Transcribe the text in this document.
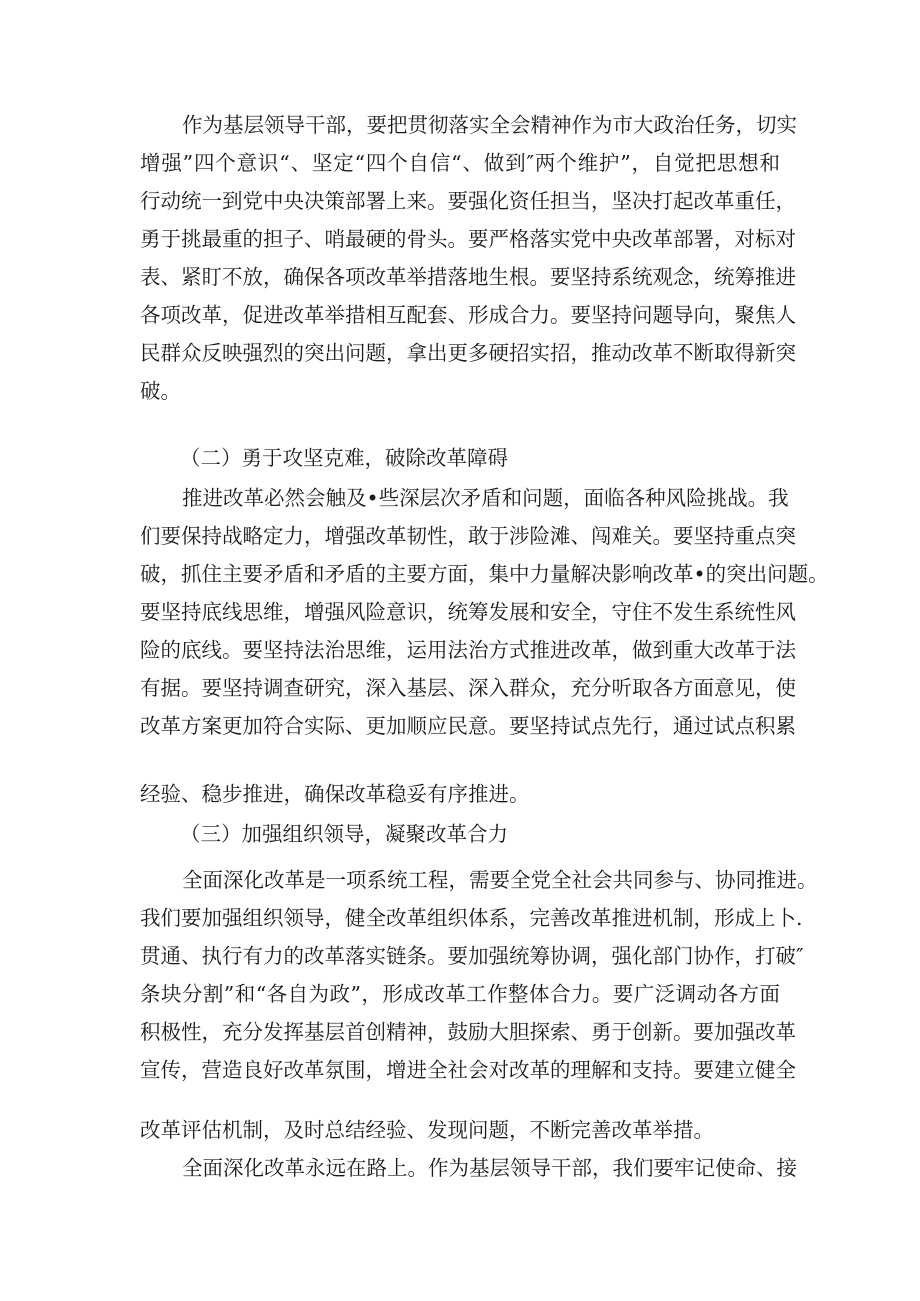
作为基层领导干部，要把贯彻落实全会精神作为市大政治任务，切实
增强”四个意识“、坚定“四个自信“、做到″两个维护”，自觉把思想和
行动统一到党中央决策部署上来。要强化资任担当，坚决打起改革重任，
勇于挑最重的担子、哨最硬的骨头。要严格落实党中央改革部署，对标对
表、紧盯不放，确保各项改革举措落地生根。要坚持系统观念，统筹推进
各项改革，促进改革举措相互配套、形成合力。要坚持问题导向，聚焦人
民群众反映强烈的突出问题，拿出更多硬招实招，推动改革不断取得新突
破。
（二）勇于攻坚克难，破除改革障碍
推进改革必然会触及•些深层次矛盾和问题，面临各种风险挑战。我
们要保持战略定力，增强改革韧性，敢于涉险滩、闯难关。要坚持重点突
破，抓住主要矛盾和矛盾的主要方面，集中力量解决影响改革•的突出问题。
要坚持底线思维，增强风险意识，统筹发展和安全，守住不发生系统性风
险的底线。要坚持法治思维，运用法治方式推进改革，做到重大改革于法
有据。要坚持调查研究，深入基层、深入群众，充分听取各方面意见，使
改革方案更加符合实际、更加顺应民意。要坚持试点先行，通过试点积累
经验、稳步推进，确保改革稳妥有序推进。
（三）加强组织领导，凝聚改革合力
全面深化改革是一项系统工程，需要全党全社会共同参与、协同推进。
我们要加强组织领导，健全改革组织体系，完善改革推进机制，形成上卜.
贯通、执行有力的改革落实链条。要加强统筹协调，强化部门协作，打破″
条块分割”和“各自为政”，形成改革工作整体合力。要广泛调动各方面
积极性，充分发挥基层首创精神，鼓励大胆探索、勇于创新。要加强改革
宣传，营造良好改革氛围，增进全社会对改革的理解和支持。要建立健全
改革评估机制，及时总结经验、发现问题，不断完善改革举措。
全面深化改革永远在路上。作为基层领导干部，我们要牢记使命、接
